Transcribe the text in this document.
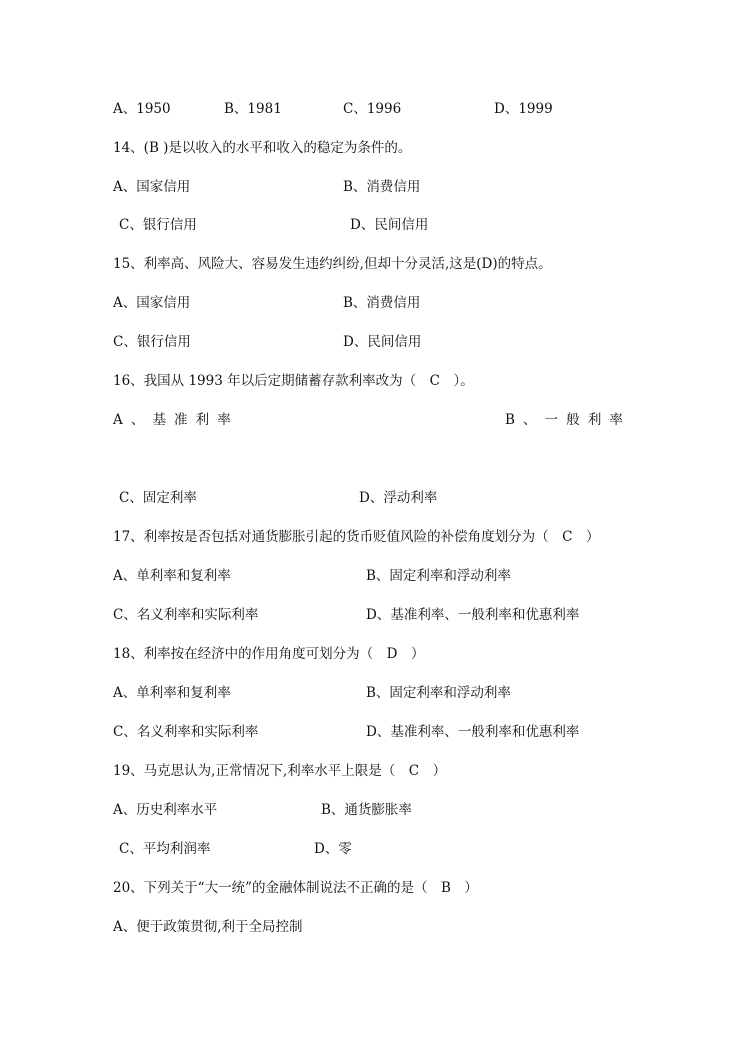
A、1950	B、1981	C、1996	D、1999
14、(B )是以收入的水平和收入的稳定为条件的。
A、国家信用	B、消费信用
C、银行信用	D、民间信用
15、利率高、风险大、容易发生违约纠纷,但却十分灵活,这是(D)的特点。
A、国家信用	B、消费信用
C、银行信用	D、民间信用
16、我国从 1993 年以后定期储蓄存款利率改为（　C　）。
A、基准利率	B、一般利率
C、固定利率	D、浮动利率
17、利率按是否包括对通货膨胀引起的货币贬值风险的补偿角度划分为（　C　）
A、单利率和复利率	B、固定利率和浮动利率
C、名义利率和实际利率	D、基准利率、一般利率和优惠利率
18、利率按在经济中的作用角度可划分为（　D　）
A、单利率和复利率	B、固定利率和浮动利率
C、名义利率和实际利率	D、基准利率、一般利率和优惠利率
19、马克思认为,正常情况下,利率水平上限是（　C　）
A、历史利率水平	B、通货膨胀率
C、平均利润率	D、零
20、下列关于“大一统”的金融体制说法不正确的是（　B　）
A、便于政策贯彻,利于全局控制
